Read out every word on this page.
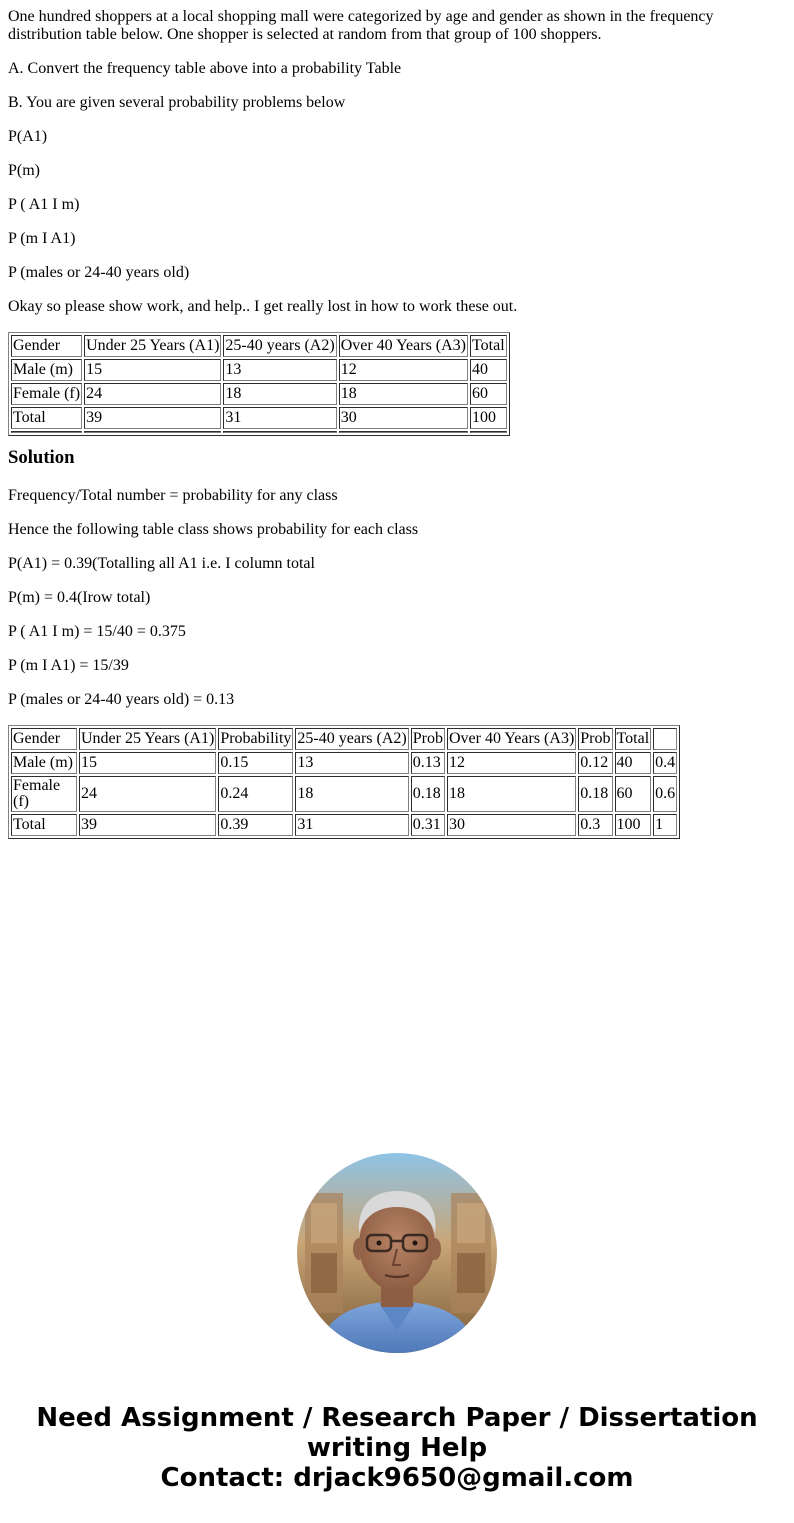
One hundred shoppers at a local shopping mall were categorized by age and gender as shown in the frequency distribution table below. One shopper is selected at random from that group of 100 shoppers.

A. Convert the frequency table above into a probability Table

B. You are given several probability problems below

P(A1)

P(m)

P ( A1 I m)

P (m I A1)

P (males or 24-40 years old)

Okay so please show work, and help.. I get really lost in how to work these out.

Gender	Under 25 Years (A1)	25-40 years (A2)	Over 40 Years (A3)	Total
Male (m)	15	13	12	40
Female (f)	24	18	18	60
Total	39	31	30	100

Solution

Frequency/Total number = probability for any class

Hence the following table class shows probability for each class

P(A1) = 0.39(Totalling all A1 i.e. I column total

P(m) = 0.4(Irow total)

P ( A1 I m) = 15/40 = 0.375

P (m I A1) = 15/39

P (males or 24-40 years old) = 0.13

Gender	Under 25 Years (A1)	Probability	25-40 years (A2)	Prob	Over 40 Years (A3)	Prob	Total	
Male (m)	15	0.15	13	0.13	12	0.12	40	0.4
Female (f)	24	0.24	18	0.18	18	0.18	60	0.6
Total	39	0.39	31	0.31	30	0.3	100	1
Need Assignment / Research Paper / Dissertation
writing Help
Contact: drjack9650@gmail.com
